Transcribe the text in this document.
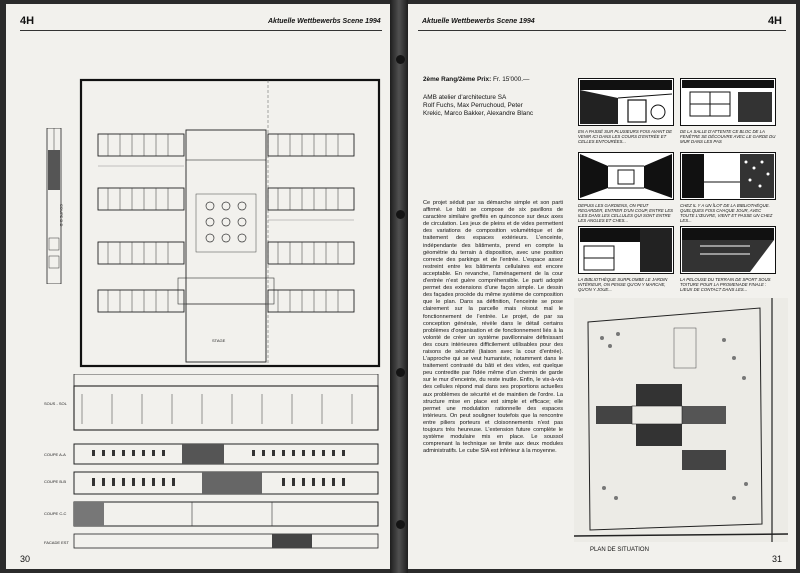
4H	Aktuelle Wettbewerbs Scene 1994
COUPE D-D
STAGE
SOUS - SOL
COUPE A-A
COUPE B-B
COUPE C-C
FACADE EST
30
Aktuelle Wettbewerbs Scene 1994	4H
2ème Rang/2ème Prix: Fr. 15'000.—
AMB atelier d'architecture SA
Rolf Fuchs, Max Perruchoud, Peter
Krekic, Marco Bakker, Alexandre Blanc

Ce projet séduit par sa démarche simple et son parti affirmé. Le bâti se compose de six pavillons de caractère similaire greffés en quinconce sur deux axes de circulation. Les jeux de pleins et de vides permettent des variations de composition volumétrique et de traitement des espaces extérieurs. L'enceinte, indépendante des bâtiments, prend en compte la géométrie du terrain à disposition, avec une position correcte des parkings et de l'entrée. L'espace assez restreint entre les bâtiments cellulaires est encore acceptable. En revanche, l'aménagement de la cour d'entrée n'est guère compréhensible. Le parti adopté permet des extensions d'une façon simple. Le dessin des façades procède du même système de composition que le plan. Dans sa définition, l'enceinte se pose clairement sur la parcelle mais résout mal le fonctionnement de l'entrée. Le projet, de par sa conception générale, révèle dans le détail certains problèmes d'organisation et de fonctionnement liés à la volonté de créer un système pavillonnaire définissant des cours intérieures difficilement utilisables pour des raisons de sécurité (liaison avec la cour d'entrée). L'approche qui se veut humaniste, notamment dans le traitement contrasté du bâti et des vides, est quelque peu contredite par l'idée même d'un chemin de garde sur le mur d'enceinte, du reste inutile. Enfin, le vis-à-vis des cellules répond mal dans ses proportions actuelles aux problèmes de sécurité et de maintien de l'ordre. La structure mise en place est simple et efficace; elle permet une modulation rationnelle des espaces intérieurs. On peut souligner toutefois que la rencontre entre piliers porteurs et cloisonnements n'est pas toujours très heureuse. L'extension future complète le système modulaire mis en place. Le soussol comprenant la technique se limite aux deux modules administratifs. Le cube SIA est inférieur à la moyenne.

EN A PASSÉ SUR PLUSIEURS FOIS AVANT DE VENIR ICI DANS LES COURS D'ENTRÉE ET CELLES ENTOURÉES...
DE LA SALLE D'ATTENTE CE BLOC DE LA FENÊTRE SE DÉCOUVRE AVEC LE GARDE DU MUR DANS LES PAS
DEPUIS LES GARDIENS, ON PEUT REGARDER, ENTRER D'UN COUP, ENTRE LES ILES DANS LES CELLULES QUI SONT ENTRE LES ANGLES ET CHES...
CHEZ IL Y A UN ÎLOT DE LA BIBLIOTHÈQUE. QUELQUES FOIS CHAQUE JOUR, AVEC TOUTE L'ŒUVRE, VIENT ET PASSE UN CHEZ LES...
LA BIBLIOTHÈQUE SURPLOMBE LE JARDIN INTÉRIEUR, ON PENSE QU'ON Y MARCHE, QU'ON Y JOUE...
LA PELOUSE DU TERRAIN DE SPORT SOUS TOITURE POUR LA PROMENADE FINALE : LIEUX DE CONTACT DANS LES...
PLAN DE SITUATION
31
